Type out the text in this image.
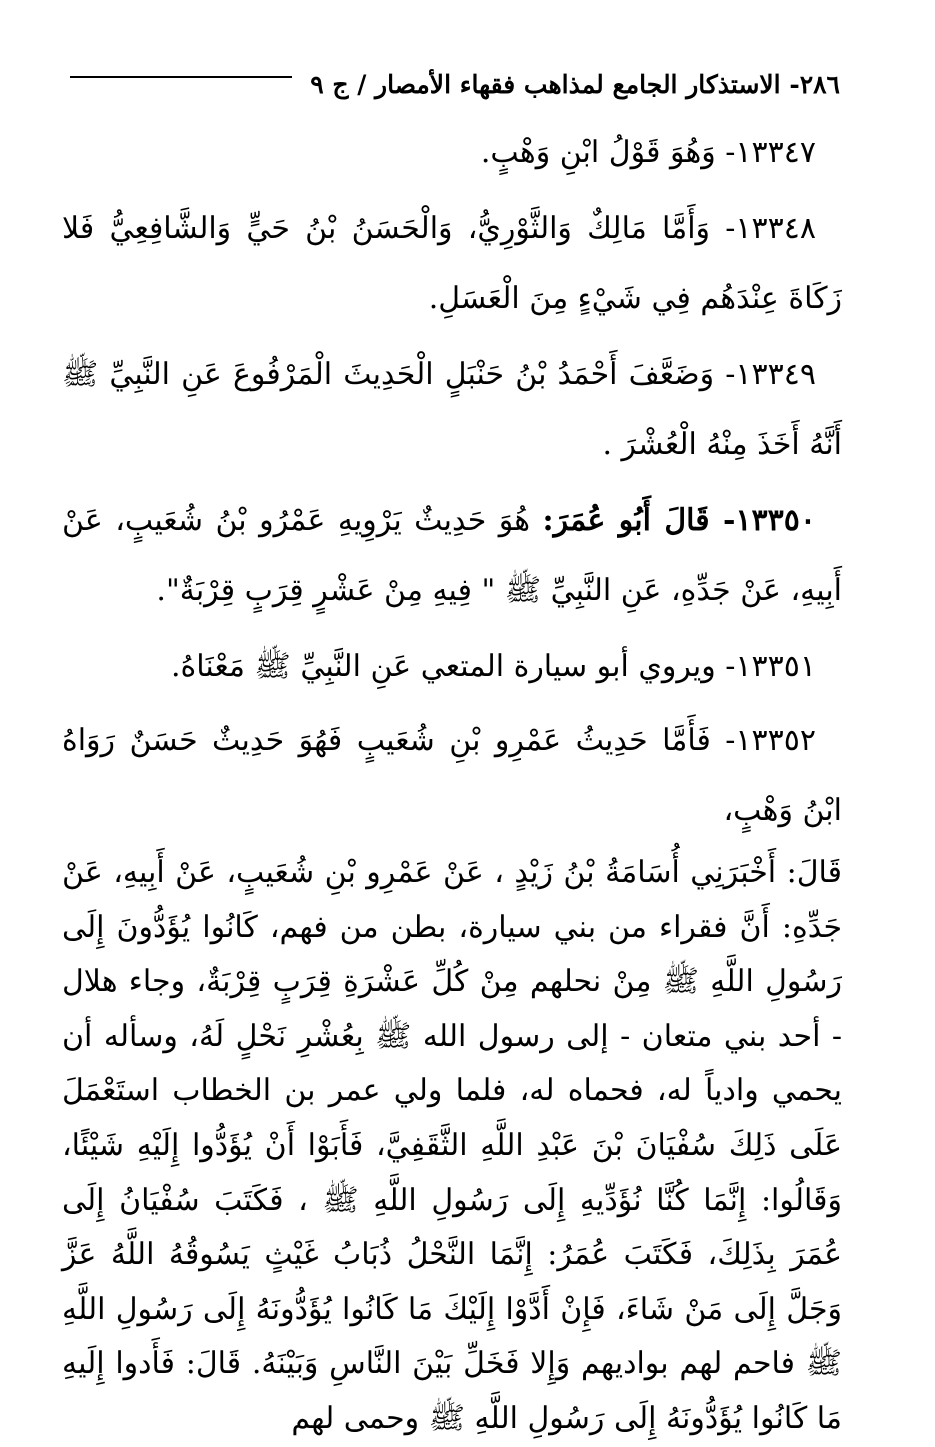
٢٨٦- الاستذكار الجامع لمذاهب فقهاء الأمصار / ج ٩

١٣٣٤٧- وَهُوَ قَوْلُ ابْنِ وَهْبٍ.

١٣٣٤٨- وَأَمَّا مَالِكٌ وَالثَّوْرِيُّ، وَالْحَسَنُ بْنُ حَيٍّ وَالشَّافِعِيُّ فَلا زَكَاةَ عِنْدَهُم فِي شَيْءٍ مِنَ الْعَسَلِ.

١٣٣٤٩- وَضَعَّفَ أَحْمَدُ بْنُ حَنْبَلٍ الْحَدِيثَ الْمَرْفُوعَ عَنِ النَّبِيِّ ﷺ أَنَّهُ أَخَذَ مِنْهُ الْعُشْرَ .

١٣٣٥٠- قَالَ أَبُو عُمَرَ: هُوَ حَدِيثٌ يَرْوِيهِ عَمْرُو بْنُ شُعَيبٍ، عَنْ أَبِيهِ، عَنْ جَدِّهِ، عَنِ النَّبِيِّ ﷺ " فِيهِ مِنْ عَشْرٍ قِرَبٍ قِرْبَةٌ".

١٣٣٥١- ويروي أبو سيارة المتعي عَنِ النَّبِيِّ ﷺ مَعْنَاهُ.

١٣٣٥٢- فَأَمَّا حَدِيثُ عَمْرِو بْنِ شُعَيبٍ فَهُوَ حَدِيثٌ حَسَنٌ رَوَاهُ ابْنُ وَهْبٍ،

قَالَ: أَخْبَرَنِي أُسَامَةُ بْنُ زَيْدٍ ، عَنْ عَمْرِو بْنِ شُعَيبٍ، عَنْ أَبِيهِ، عَنْ جَدِّهِ: أَنَّ فقراء من بني سيارة، بطن من فهم، كَانُوا يُؤَدُّونَ إِلَى رَسُولِ اللَّهِ ﷺ مِنْ نحلهم مِنْ كُلِّ عَشْرَةِ قِرَبٍ قِرْبَةٌ، وجاء هلال - أحد بني متعان - إلى رسول الله ﷺ بِعُشْرِ نَحْلٍ لَهُ، وسأله أن يحمي وادياً له، فحماه له، فلما ولي عمر بن الخطاب استَعْمَلَ عَلَى ذَلِكَ سُفْيَانَ بْنَ عَبْدِ اللَّهِ الثَّقَفِيَّ، فَأَبَوْا أَنْ يُؤَدُّوا إِلَيْهِ شَيْئًا، وَقَالُوا: إِنَّمَا كُنَّا نُؤَدِّيهِ إِلَى رَسُولِ اللَّهِ ﷺ ، فَكَتَبَ سُفْيَانُ إِلَى عُمَرَ بِذَلِكَ، فَكَتَبَ عُمَرُ: إِنَّمَا النَّحْلُ ذُبَابُ غَيْثٍ يَسُوقُهُ اللَّهُ عَزَّ وَجَلَّ إِلَى مَنْ شَاءَ، فَإِنْ أَدَّوْا إِلَيْكَ مَا كَانُوا يُؤَدُّونَهُ إِلَى رَسُولِ اللَّهِ ﷺ فاحم لهم بواديهم وَإِلا فَخَلِّ بَيْنَ النَّاسِ وَبَيْنَهُ. قَالَ: فَأَدوا إِلَيهِ مَا كَانُوا يُؤَدُّونَهُ إِلَى رَسُولِ اللَّهِ ﷺ وحمى لهم
